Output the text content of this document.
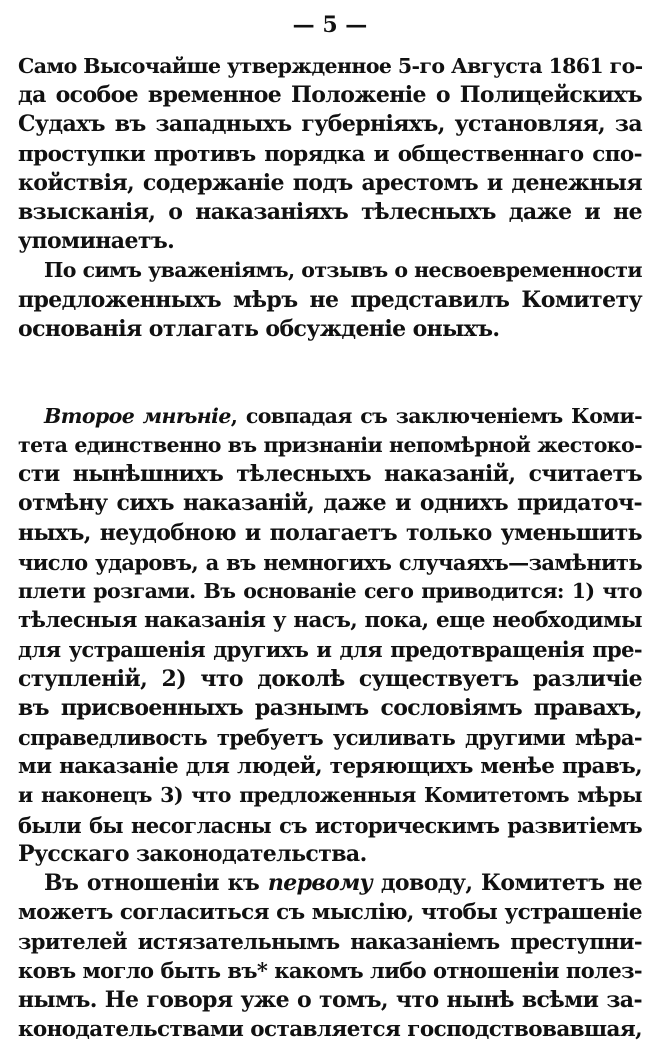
— 5 —
Само Высочайше утвержденное 5-го Августа 1861 го-
да особое временное Положеніе о Полицейскихъ
Судахъ въ западныхъ губерніяхъ, установляя, за
проступки противъ порядка и общественнаго спо-
койствія, содержаніе подъ арестомъ и денежныя
взысканія, о наказаніяхъ тѣлесныхъ даже и не
упоминаетъ.
По симъ уваженіямъ, отзывъ о несвоевременности
предложенныхъ мѣръ не представилъ Комитету
основанія отлагать обсужденіе оныхъ.
Второе мнѣніе, совпадая съ заключеніемъ Коми-
тета единственно въ признаніи непомѣрной жестоко-
сти нынѣшнихъ тѣлесныхъ наказаній, считаетъ
отмѣну сихъ наказаній, даже и однихъ придаточ-
ныхъ, неудобною и полагаетъ только уменьшить
число ударовъ, а въ немногихъ случаяхъ—замѣнить
плети розгами. Въ основаніе сего приводится: 1) что
тѣлесныя наказанія у насъ, пока, еще необходимы
для устрашенія другихъ и для предотвращенія пре-
ступленій, 2) что доколѣ существуетъ различіе
въ присвоенныхъ разнымъ сословіямъ правахъ,
справедливость требуетъ усиливать другими мѣра-
ми наказаніе для людей, теряющихъ менѣе правъ,
и наконецъ 3) что предложенныя Комитетомъ мѣры
были бы несогласны съ историческимъ развитіемъ
Русскаго законодательства.
Въ отношеніи къ первому доводу, Комитетъ не
можетъ согласиться съ мыслію, чтобы устрашеніе
зрителей истязательнымъ наказаніемъ преступни-
ковъ могло быть въ* какомъ либо отношеніи полез-
нымъ. Не говоря уже о томъ, что нынѣ всѣми за-
конодательствами оставляется господствовавшая,
